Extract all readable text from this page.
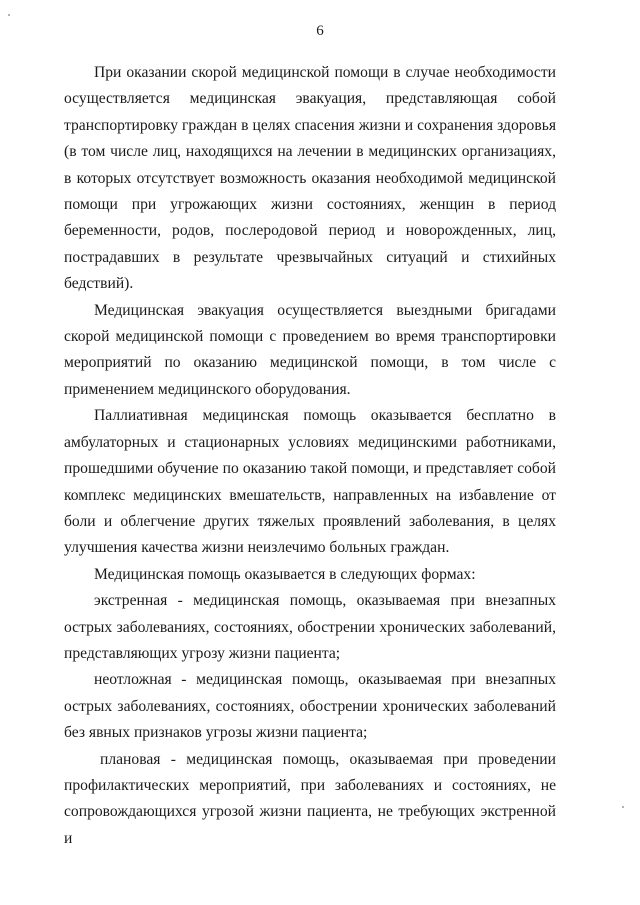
6

При оказании скорой медицинской помощи в случае необходимости осуществляется медицинская эвакуация, представляющая собой транспортировку граждан в целях спасения жизни и сохранения здоровья (в том числе лиц, находящихся на лечении в медицинских организациях, в которых отсутствует возможность оказания необходимой медицинской помощи при угрожающих жизни состояниях, женщин в период беременности, родов, послеродовой период и новорожденных, лиц, пострадавших в результате чрезвычайных ситуаций и стихийных бедствий).

Медицинская эвакуация осуществляется выездными бригадами скорой медицинской помощи с проведением во время транспортировки мероприятий по оказанию медицинской помощи, в том числе с применением медицинского оборудования.

Паллиативная медицинская помощь оказывается бесплатно в амбулаторных и стационарных условиях медицинскими работниками, прошедшими обучение по оказанию такой помощи, и представляет собой комплекс медицинских вмешательств, направленных на избавление от боли и облегчение других тяжелых проявлений заболевания, в целях улучшения качества жизни неизлечимо больных граждан.

Медицинская помощь оказывается в следующих формах:

экстренная - медицинская помощь, оказываемая при внезапных острых заболеваниях, состояниях, обострении хронических заболеваний, представляющих угрозу жизни пациента;

неотложная - медицинская помощь, оказываемая при внезапных острых заболеваниях, состояниях, обострении хронических заболеваний без явных признаков угрозы жизни пациента;

плановая - медицинская помощь, оказываемая при проведении профилактических мероприятий, при заболеваниях и состояниях, не сопровождающихся угрозой жизни пациента, не требующих экстренной и
